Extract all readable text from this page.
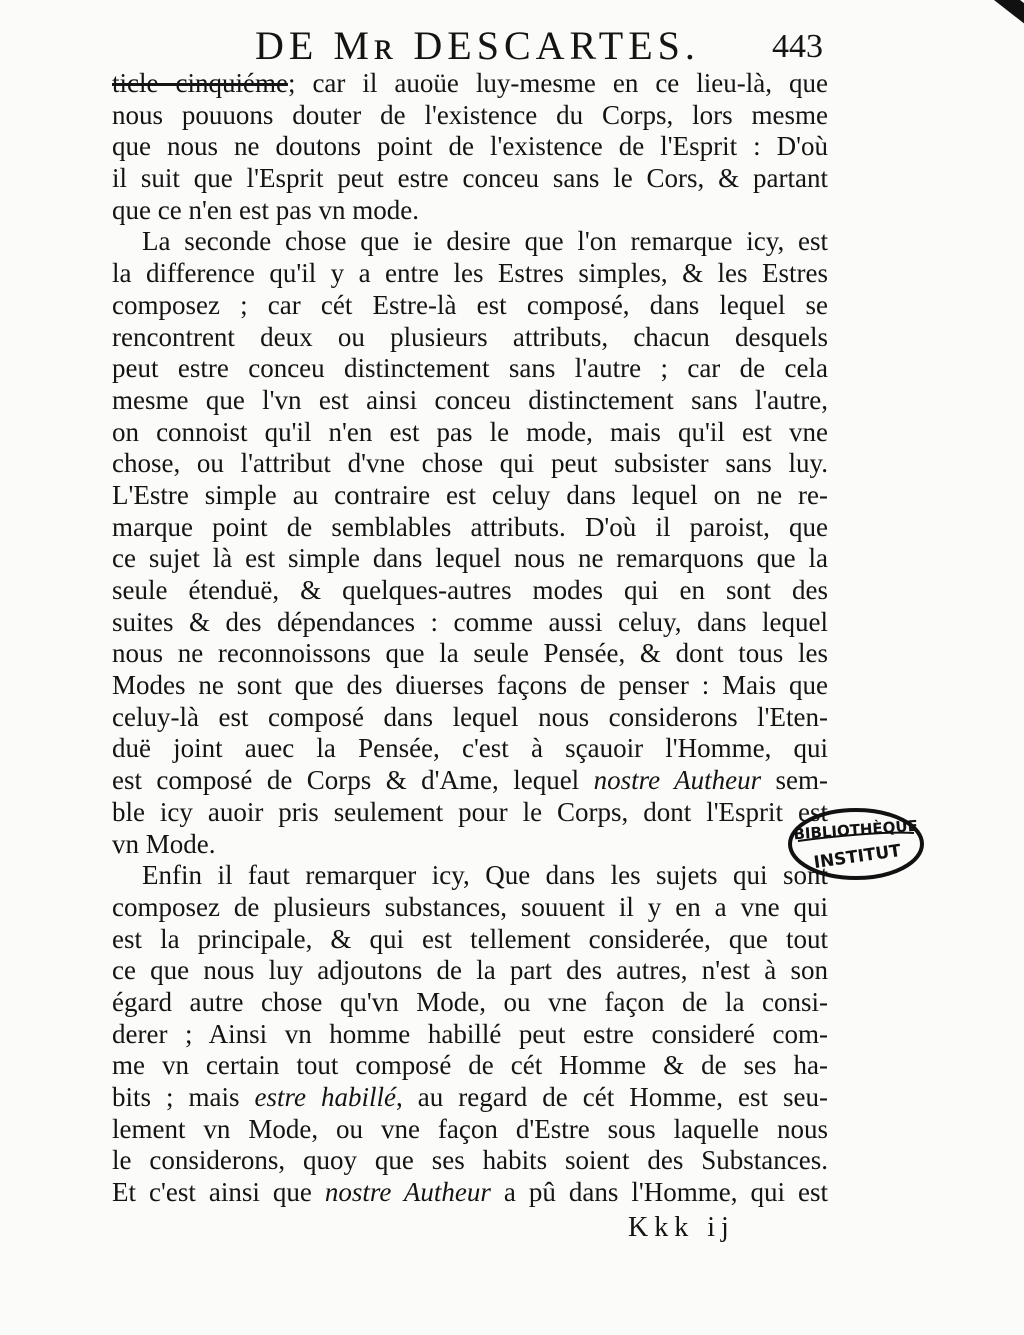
DE Mʀ DESCARTES. 443
ticle cinquiéme; car il auoüe luy-mesme en ce lieu-là, que
nous pouuons douter de l'existence du Corps, lors mesme
que nous ne doutons point de l'existence de l'Esprit : D'où
il suit que l'Esprit peut estre conceu sans le Cors, & partant
que ce n'en est pas vn mode.
La seconde chose que ie desire que l'on remarque icy, est
la difference qu'il y a entre les Estres simples, & les Estres
composez ; car cét Estre-là est composé, dans lequel se
rencontrent deux ou plusieurs attributs, chacun desquels
peut estre conceu distinctement sans l'autre ; car de cela
mesme que l'vn est ainsi conceu distinctement sans l'autre,
on connoist qu'il n'en est pas le mode, mais qu'il est vne
chose, ou l'attribut d'vne chose qui peut subsister sans luy.
L'Estre simple au contraire est celuy dans lequel on ne re-
marque point de semblables attributs. D'où il paroist, que
ce sujet là est simple dans lequel nous ne remarquons que la
seule étenduë, & quelques-autres modes qui en sont des
suites & des dépendances : comme aussi celuy, dans lequel
nous ne reconnoissons que la seule Pensée, & dont tous les
Modes ne sont que des diuerses façons de penser : Mais que
celuy-là est composé dans lequel nous considerons l'Eten-
duë joint auec la Pensée, c'est à sçauoir l'Homme, qui
est composé de Corps & d'Ame, lequel nostre Autheur sem-
ble icy auoir pris seulement pour le Corps, dont l'Esprit est
vn Mode.
Enfin il faut remarquer icy, Que dans les sujets qui sont
composez de plusieurs substances, souuent il y en a vne qui
est la principale, & qui est tellement considerée, que tout
ce que nous luy adjoutons de la part des autres, n'est à son
égard autre chose qu'vn Mode, ou vne façon de la consi-
derer ; Ainsi vn homme habillé peut estre consideré com-
me vn certain tout composé de cét Homme & de ses ha-
bits ; mais estre habillé, au regard de cét Homme, est seu-
lement vn Mode, ou vne façon d'Estre sous laquelle nous
le considerons, quoy que ses habits soient des Substances.
Et c'est ainsi que nostre Autheur a pû dans l'Homme, qui est
Kkk ij
BIBLIOTHÈQUE
INSTITUT
